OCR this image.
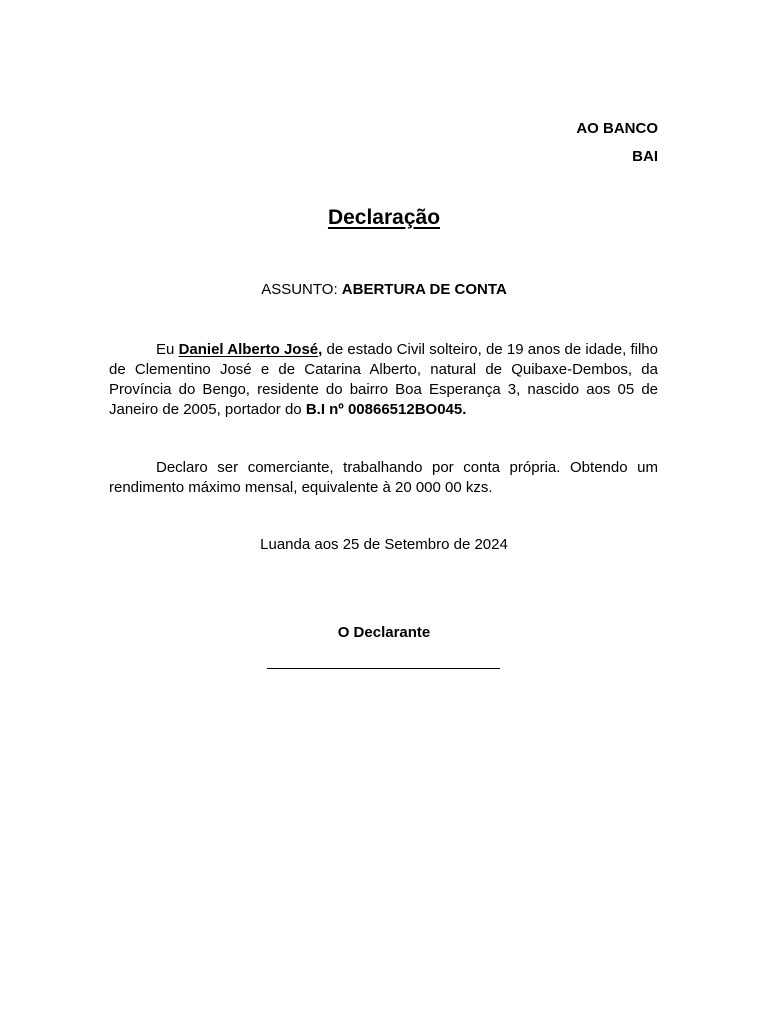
AO BANCO
BAI
Declaração
ASSUNTO: ABERTURA DE CONTA
Eu Daniel Alberto José, de estado Civil solteiro, de 19 anos de idade, filho de Clementino José e de Catarina Alberto, natural de Quibaxe-Dembos, da Província do Bengo, residente do bairro Boa Esperança 3, nascido aos 05 de Janeiro de 2005, portador do B.I nº 00866512BO045.
Declaro ser comerciante, trabalhando por conta própria. Obtendo um rendimento máximo mensal, equivalente à 20 000 00 kzs.
Luanda aos 25 de Setembro de 2024
O Declarante
